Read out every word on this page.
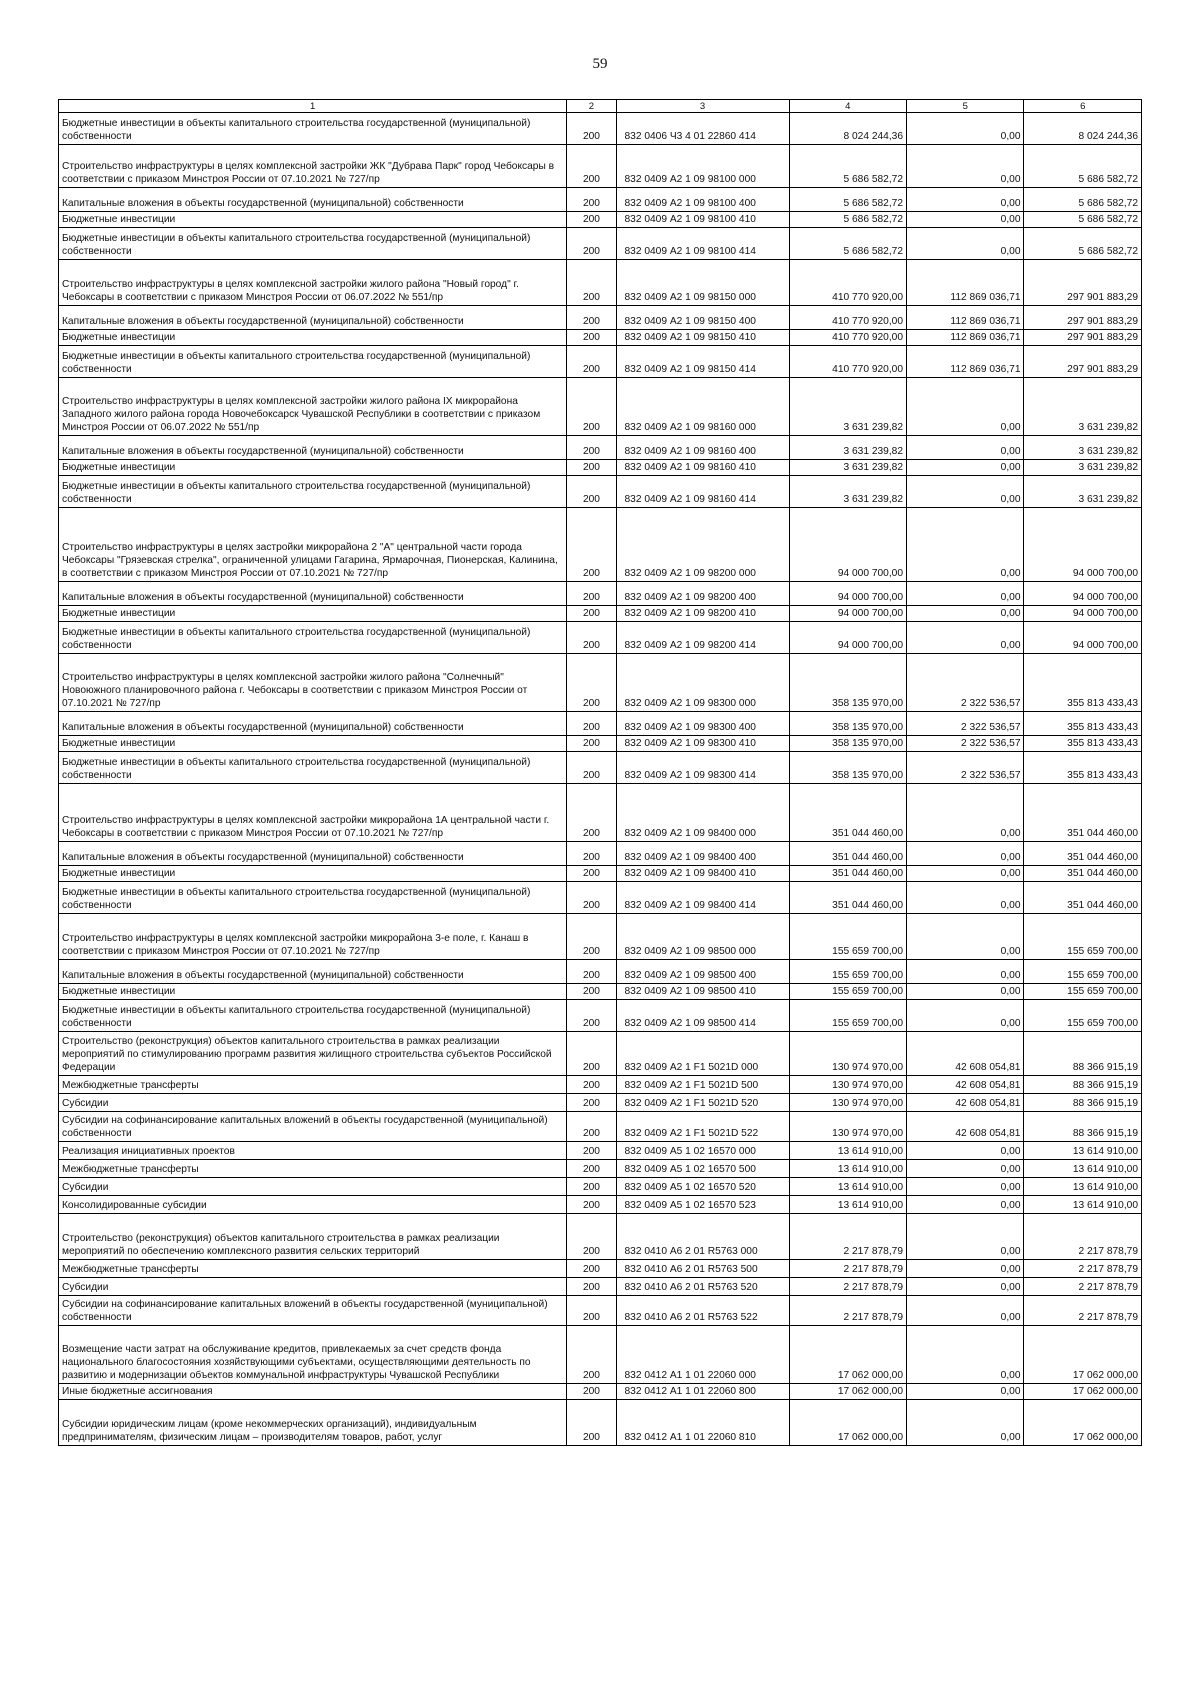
59
1	2	3	4	5	6
Бюджетные инвестиции в объекты капитального строительства государственной (муниципальной) собственности	200	832 0406 Ч3 4 01 22860 414	8 024 244,36	0,00	8 024 244,36
Строительство инфраструктуры в целях комплексной застройки ЖК "Дубрава Парк" город Чебоксары в соответствии с приказом Минстроя России от 07.10.2021 № 727/пр	200	832 0409 А2 1 09 98100 000	5 686 582,72	0,00	5 686 582,72
Капитальные вложения в объекты государственной (муниципальной) собственности	200	832 0409 А2 1 09 98100 400	5 686 582,72	0,00	5 686 582,72
Бюджетные инвестиции	200	832 0409 А2 1 09 98100 410	5 686 582,72	0,00	5 686 582,72
Бюджетные инвестиции в объекты капитального строительства государственной (муниципальной) собственности	200	832 0409 А2 1 09 98100 414	5 686 582,72	0,00	5 686 582,72
Строительство инфраструктуры в целях комплексной застройки жилого района "Новый город" г. Чебоксары в соответствии с приказом Минстроя России от 06.07.2022 № 551/пр	200	832 0409 А2 1 09 98150 000	410 770 920,00	112 869 036,71	297 901 883,29
Капитальные вложения в объекты государственной (муниципальной) собственности	200	832 0409 А2 1 09 98150 400	410 770 920,00	112 869 036,71	297 901 883,29
Бюджетные инвестиции	200	832 0409 А2 1 09 98150 410	410 770 920,00	112 869 036,71	297 901 883,29
Бюджетные инвестиции в объекты капитального строительства государственной (муниципальной) собственности	200	832 0409 А2 1 09 98150 414	410 770 920,00	112 869 036,71	297 901 883,29
Строительство инфраструктуры в целях комплексной застройки жилого района IX микрорайона Западного жилого района города Новочебоксарск Чувашской Республики в соответствии с приказом Минстроя России от 06.07.2022 № 551/пр	200	832 0409 А2 1 09 98160 000	3 631 239,82	0,00	3 631 239,82
Капитальные вложения в объекты государственной (муниципальной) собственности	200	832 0409 А2 1 09 98160 400	3 631 239,82	0,00	3 631 239,82
Бюджетные инвестиции	200	832 0409 А2 1 09 98160 410	3 631 239,82	0,00	3 631 239,82
Бюджетные инвестиции в объекты капитального строительства государственной (муниципальной) собственности	200	832 0409 А2 1 09 98160 414	3 631 239,82	0,00	3 631 239,82
Строительство инфраструктуры в целях застройки микрорайона 2 "А" центральной части города Чебоксары "Грязевская стрелка", ограниченной улицами Гагарина, Ярмарочная, Пионерская, Калинина, в соответствии с приказом Минстроя России от 07.10.2021 № 727/пр	200	832 0409 А2 1 09 98200 000	94 000 700,00	0,00	94 000 700,00
Капитальные вложения в объекты государственной (муниципальной) собственности	200	832 0409 А2 1 09 98200 400	94 000 700,00	0,00	94 000 700,00
Бюджетные инвестиции	200	832 0409 А2 1 09 98200 410	94 000 700,00	0,00	94 000 700,00
Бюджетные инвестиции в объекты капитального строительства государственной (муниципальной) собственности	200	832 0409 А2 1 09 98200 414	94 000 700,00	0,00	94 000 700,00
Строительство инфраструктуры в целях комплексной застройки жилого района "Солнечный" Новоюжного планировочного района г. Чебоксары в соответствии с приказом Минстроя России от 07.10.2021 № 727/пр	200	832 0409 А2 1 09 98300 000	358 135 970,00	2 322 536,57	355 813 433,43
Капитальные вложения в объекты государственной (муниципальной) собственности	200	832 0409 А2 1 09 98300 400	358 135 970,00	2 322 536,57	355 813 433,43
Бюджетные инвестиции	200	832 0409 А2 1 09 98300 410	358 135 970,00	2 322 536,57	355 813 433,43
Бюджетные инвестиции в объекты капитального строительства государственной (муниципальной) собственности	200	832 0409 А2 1 09 98300 414	358 135 970,00	2 322 536,57	355 813 433,43
Строительство инфраструктуры в целях комплексной застройки микрорайона 1А центральной части г. Чебоксары в соответствии с приказом Минстроя России от 07.10.2021 № 727/пр	200	832 0409 А2 1 09 98400 000	351 044 460,00	0,00	351 044 460,00
Капитальные вложения в объекты государственной (муниципальной) собственности	200	832 0409 А2 1 09 98400 400	351 044 460,00	0,00	351 044 460,00
Бюджетные инвестиции	200	832 0409 А2 1 09 98400 410	351 044 460,00	0,00	351 044 460,00
Бюджетные инвестиции в объекты капитального строительства государственной (муниципальной) собственности	200	832 0409 А2 1 09 98400 414	351 044 460,00	0,00	351 044 460,00
Строительство инфраструктуры в целях комплексной застройки микрорайона 3-е поле, г. Канаш в соответствии с приказом Минстроя России от 07.10.2021 № 727/пр	200	832 0409 А2 1 09 98500 000	155 659 700,00	0,00	155 659 700,00
Капитальные вложения в объекты государственной (муниципальной) собственности	200	832 0409 А2 1 09 98500 400	155 659 700,00	0,00	155 659 700,00
Бюджетные инвестиции	200	832 0409 А2 1 09 98500 410	155 659 700,00	0,00	155 659 700,00
Бюджетные инвестиции в объекты капитального строительства государственной (муниципальной) собственности	200	832 0409 А2 1 09 98500 414	155 659 700,00	0,00	155 659 700,00
Строительство (реконструкция) объектов капитального строительства в рамках реализации мероприятий по стимулированию программ развития жилищного строительства субъектов Российской Федерации	200	832 0409 А2 1 F1 5021D 000	130 974 970,00	42 608 054,81	88 366 915,19
Межбюджетные трансферты	200	832 0409 А2 1 F1 5021D 500	130 974 970,00	42 608 054,81	88 366 915,19
Субсидии	200	832 0409 А2 1 F1 5021D 520	130 974 970,00	42 608 054,81	88 366 915,19
Субсидии на софинансирование капитальных вложений в объекты государственной (муниципальной) собственности	200	832 0409 А2 1 F1 5021D 522	130 974 970,00	42 608 054,81	88 366 915,19
Реализация инициативных проектов	200	832 0409 А5 1 02 16570 000	13 614 910,00	0,00	13 614 910,00
Межбюджетные трансферты	200	832 0409 А5 1 02 16570 500	13 614 910,00	0,00	13 614 910,00
Субсидии	200	832 0409 А5 1 02 16570 520	13 614 910,00	0,00	13 614 910,00
Консолидированные субсидии	200	832 0409 А5 1 02 16570 523	13 614 910,00	0,00	13 614 910,00
Строительство (реконструкция) объектов капитального строительства в рамках реализации мероприятий по обеспечению комплексного развития сельских территорий	200	832 0410 А6 2 01 R5763 000	2 217 878,79	0,00	2 217 878,79
Межбюджетные трансферты	200	832 0410 А6 2 01 R5763 500	2 217 878,79	0,00	2 217 878,79
Субсидии	200	832 0410 А6 2 01 R5763 520	2 217 878,79	0,00	2 217 878,79
Субсидии на софинансирование капитальных вложений в объекты государственной (муниципальной) собственности	200	832 0410 А6 2 01 R5763 522	2 217 878,79	0,00	2 217 878,79
Возмещение части затрат на обслуживание кредитов, привлекаемых за счет средств фонда национального благосостояния хозяйствующими субъектами, осуществляющими деятельность по развитию и модернизации объектов коммунальной инфраструктуры Чувашской Республики	200	832 0412 А1 1 01 22060 000	17 062 000,00	0,00	17 062 000,00
Иные бюджетные ассигнования	200	832 0412 А1 1 01 22060 800	17 062 000,00	0,00	17 062 000,00
Субсидии юридическим лицам (кроме некоммерческих организаций), индивидуальным предпринимателям, физическим лицам – производителям товаров, работ, услуг	200	832 0412 А1 1 01 22060 810	17 062 000,00	0,00	17 062 000,00
